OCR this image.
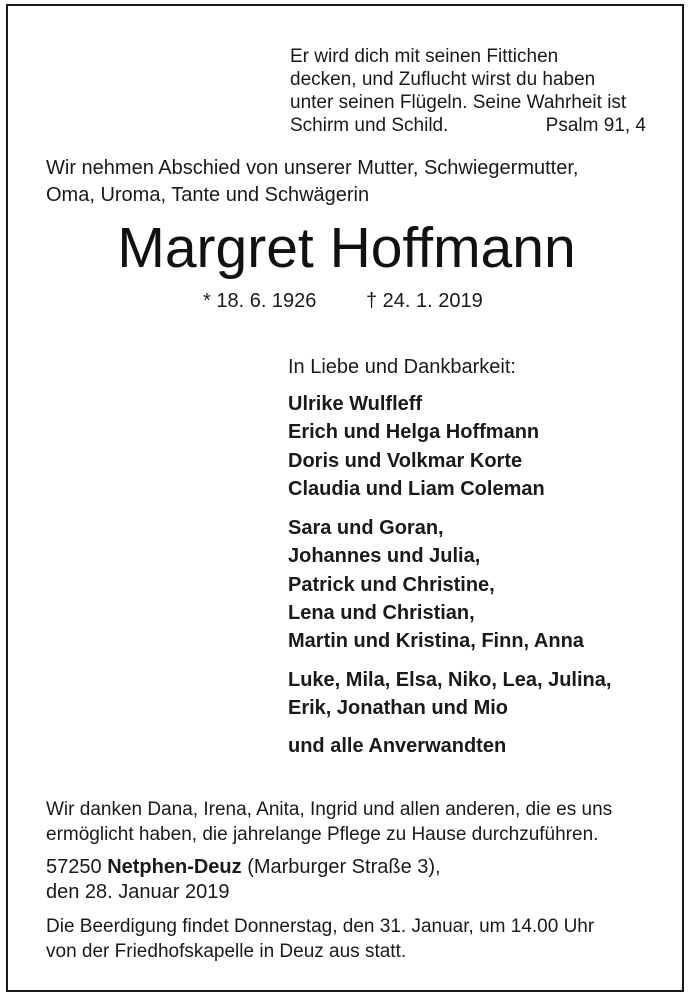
Er wird dich mit seinen Fittichen
decken, und Zuflucht wirst du haben
unter seinen Flügeln. Seine Wahrheit ist
Schirm und Schild.	Psalm 91, 4
Wir nehmen Abschied von unserer Mutter, Schwiegermutter,
Oma, Uroma, Tante und Schwägerin
Margret Hoffmann
* 18. 6. 1926 † 24. 1. 2019
In Liebe und Dankbarkeit:
Ulrike Wulfleff
Erich und Helga Hoffmann
Doris und Volkmar Korte
Claudia und Liam Coleman
Sara und Goran,
Johannes und Julia,
Patrick und Christine,
Lena und Christian,
Martin und Kristina, Finn, Anna
Luke, Mila, Elsa, Niko, Lea, Julina,
Erik, Jonathan und Mio
und alle Anverwandten
Wir danken Dana, Irena, Anita, Ingrid und allen anderen, die es uns
ermöglicht haben, die jahrelange Pflege zu Hause durchzuführen.
57250 Netphen-Deuz (Marburger Straße 3),
den 28. Januar 2019
Die Beerdigung findet Donnerstag, den 31. Januar, um 14.00 Uhr
von der Friedhofskapelle in Deuz aus statt.
